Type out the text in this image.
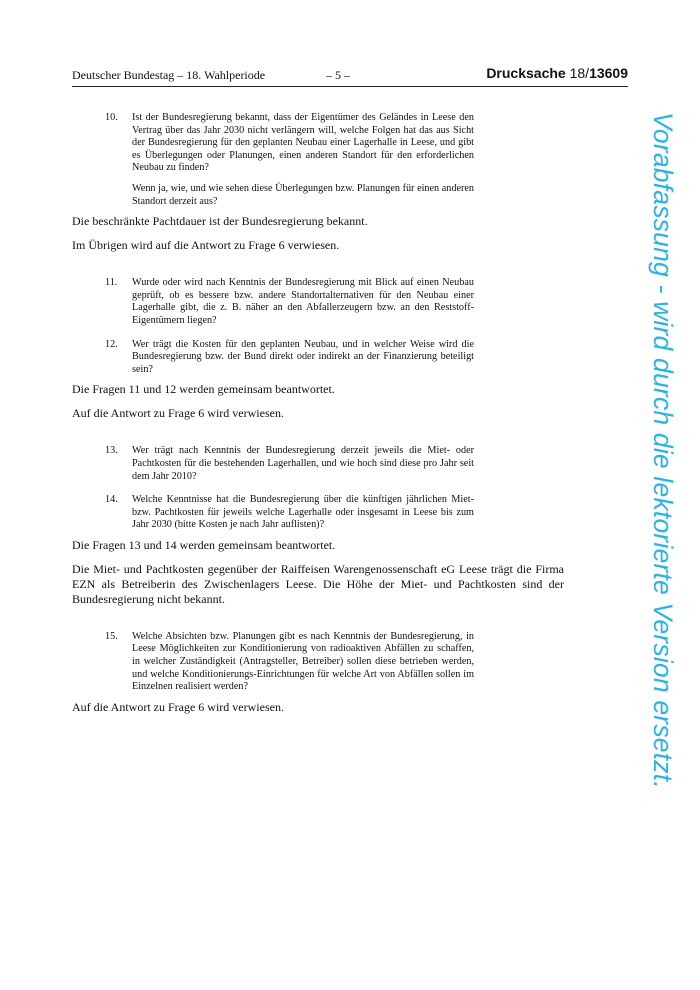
Deutscher Bundestag – 18. Wahlperiode	– 5 –	Drucksache 18/13609
10. Ist der Bundesregierung bekannt, dass der Eigentümer des Geländes in Leese den Vertrag über das Jahr 2030 nicht verlängern will, welche Folgen hat das aus Sicht der Bundesregierung für den geplanten Neubau einer Lagerhalle in Leese, und gibt es Überlegungen oder Planungen, einen anderen Standort für den erforderlichen Neubau zu finden?

Wenn ja, wie, und wie sehen diese Überlegungen bzw. Planungen für einen anderen Standort derzeit aus?

Die beschränkte Pachtdauer ist der Bundesregierung bekannt.

Im Übrigen wird auf die Antwort zu Frage 6 verwiesen.

11. Wurde oder wird nach Kenntnis der Bundesregierung mit Blick auf einen Neubau geprüft, ob es bessere bzw. andere Standortalternativen für den Neubau einer Lagerhalle gibt, die z. B. näher an den Abfallerzeugern bzw. an den Reststoff-Eigentümern liegen?

12. Wer trägt die Kosten für den geplanten Neubau, und in welcher Weise wird die Bundesregierung bzw. der Bund direkt oder indirekt an der Finanzierung beteiligt sein?

Die Fragen 11 und 12 werden gemeinsam beantwortet.

Auf die Antwort zu Frage 6 wird verwiesen.

13. Wer trägt nach Kenntnis der Bundesregierung derzeit jeweils die Miet- oder Pachtkosten für die bestehenden Lagerhallen, und wie hoch sind diese pro Jahr seit dem Jahr 2010?

14. Welche Kenntnisse hat die Bundesregierung über die künftigen jährlichen Miet- bzw. Pachtkosten für jeweils welche Lagerhalle oder insgesamt in Leese bis zum Jahr 2030 (bitte Kosten je nach Jahr auflisten)?

Die Fragen 13 und 14 werden gemeinsam beantwortet.

Die Miet- und Pachtkosten gegenüber der Raiffeisen Warengenossenschaft eG Leese trägt die Firma EZN als Betreiberin des Zwischenlagers Leese. Die Höhe der Miet- und Pachtkosten sind der Bundesregierung nicht bekannt.

15. Welche Absichten bzw. Planungen gibt es nach Kenntnis der Bundesregierung, in Leese Möglichkeiten zur Konditionierung von radioaktiven Abfällen zu schaffen, in welcher Zuständigkeit (Antragsteller, Betreiber) sollen diese betrieben werden, und welche Konditionierungs-Einrichtungen für welche Art von Abfällen sollen im Einzelnen realisiert werden?

Auf die Antwort zu Frage 6 wird verwiesen.	Vorabfassung - wird durch die lektorierte Version ersetzt.
